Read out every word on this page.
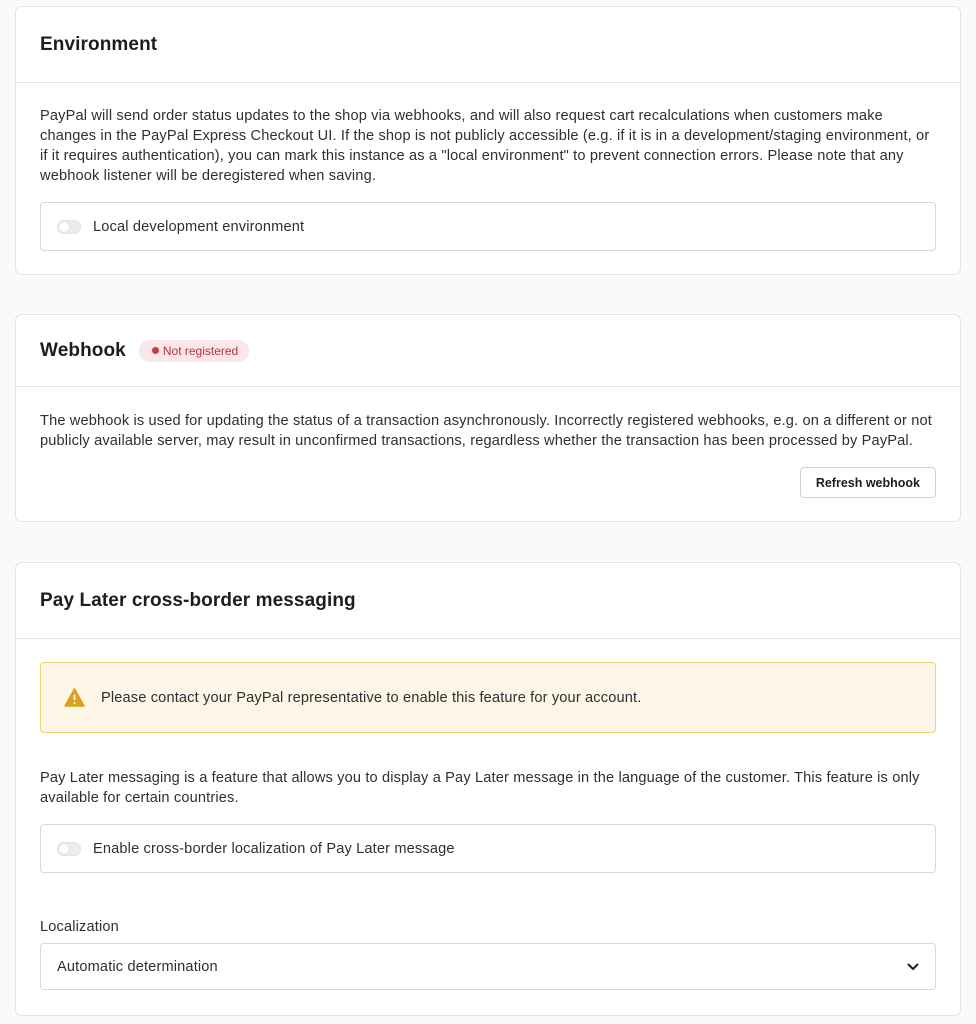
Environment

PayPal will send order status updates to the shop via webhooks, and will also request cart recalculations when customers make changes in the PayPal Express Checkout UI. If the shop is not publicly accessible (e.g. if it is in a development/staging environment, or if it requires authentication), you can mark this instance as a "local environment" to prevent connection errors. Please note that any webhook listener will be deregistered when saving.

Local development environment
Webhook	Not registered

The webhook is used for updating the status of a transaction asynchronously. Incorrectly registered webhooks, e.g. on a different or not publicly available server, may result in unconfirmed transactions, regardless whether the transaction has been processed by PayPal.

Refresh webhook
Pay Later cross-border messaging
Please contact your PayPal representative to enable this feature for your account.

Pay Later messaging is a feature that allows you to display a Pay Later message in the language of the customer. This feature is only available for certain countries.

Enable cross-border localization of Pay Later message
Localization
Automatic determination
